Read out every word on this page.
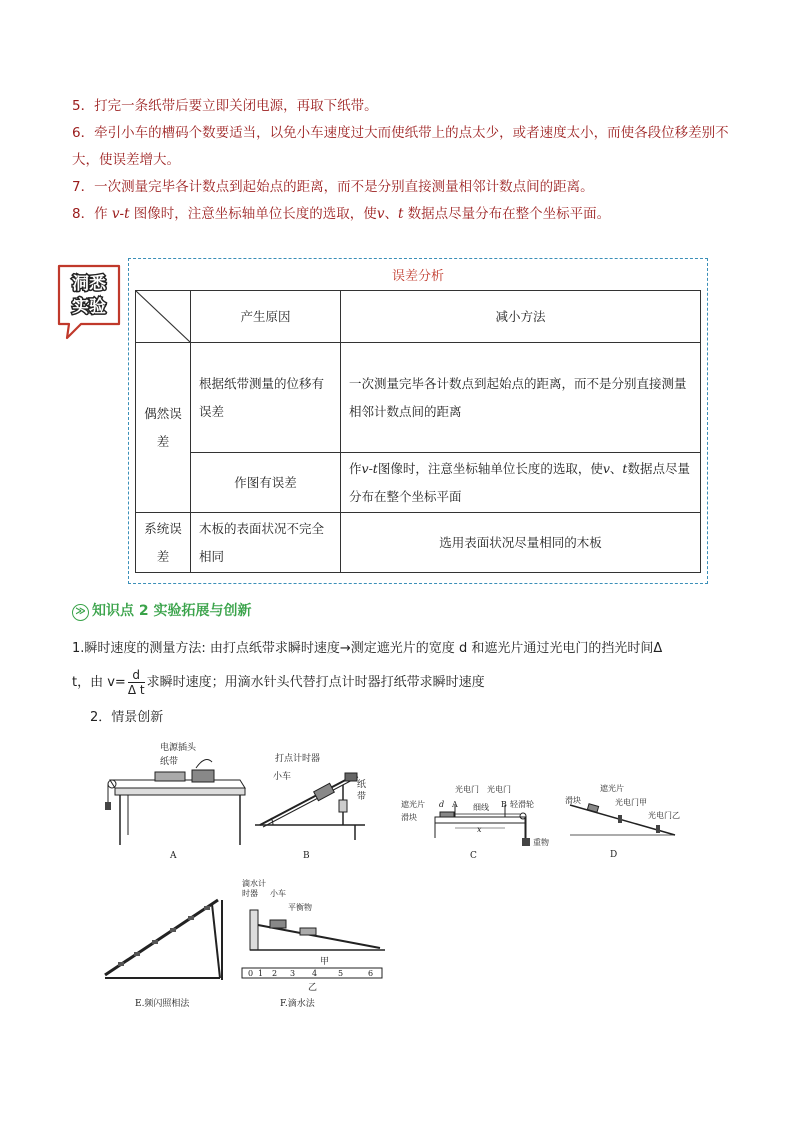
5．打完一条纸带后要立即关闭电源，再取下纸带。

6．牵引小车的槽码个数要适当，以免小车速度过大而使纸带上的点太少，或者速度太小，而使各段位移差别不大，使误差增大。

7．一次测量完毕各计数点到起始点的距离，而不是分别直接测量相邻计数点间的距离。

8．作 v-t 图像时，注意坐标轴单位长度的选取，使v、t 数据点尽量分布在整个坐标平面。

洞悉
实验
误差分析
	产生原因	减小方法
偶然误差	根据纸带测量的位移有误差	一次测量完毕各计数点到起始点的距离，而不是分别直接测量相邻计数点间的距离
	作图有误差	作v-t图像时，注意坐标轴单位长度的选取，使v、t数据点尽量分布在整个坐标平面
系统误差	木板的表面状况不完全相同	选用表面状况尽量相同的木板
≫ 知识点 2 实验拓展与创新

1.瞬时速度的测量方法: 由打点纸带求瞬时速度→测定遮光片的宽度 d 和遮光片通过光电门的挡光时间Δ

t，由 $v= \frac{d}{\text{Δ t}}$ 求瞬时速度；用滴水针头代替打点计时器打纸带求瞬时速度

2．情景创新
电源插头
纸带
A
打点计时器
小车
纸
带
B
光电门 光电门
遮光片 d A	B
滑块
细线	轻滑轮
x
重物
C
遮光片
滑块	光电门甲
光电门乙
D
E.频闪照相法
滴水计
时器 小车
平衡物
甲
0 1 2 3 4	5	6
乙
F.滴水法
